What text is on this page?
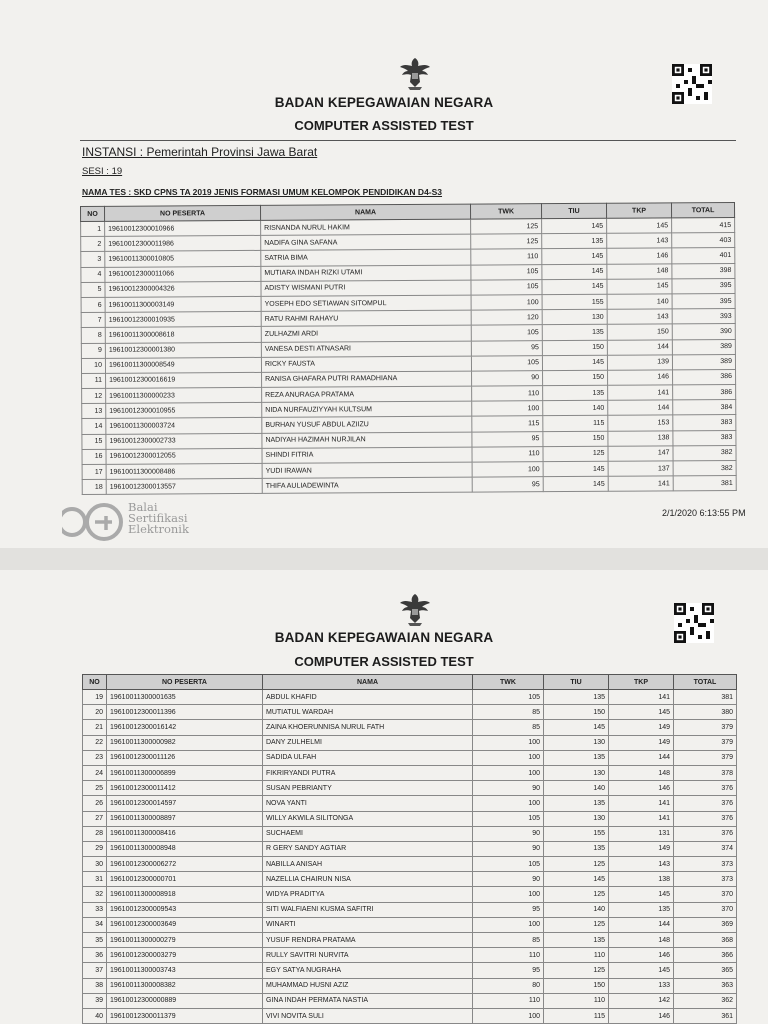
BADAN KEPEGAWAIAN NEGARA
COMPUTER ASSISTED TEST
INSTANSI : Pemerintah Provinsi Jawa Barat
SESI : 19
NAMA TES : SKD CPNS TA 2019 JENIS FORMASI UMUM KELOMPOK PENDIDIKAN D4-S3
NO	NO PESERTA	NAMA	TWK	TIU	TKP	TOTAL
1	19610012300010966	RISNANDA NURUL HAKIM	125	145	145	415
2	19610012300011986	NADIFA GINA SAFANA	125	135	143	403
3	19610011300010805	SATRIA BIMA	110	145	146	401
4	19610012300011066	MUTIARA INDAH RIZKI UTAMI	105	145	148	398
5	19610012300004326	ADISTY WISMANI PUTRI	105	145	145	395
6	19610011300003149	YOSEPH EDO SETIAWAN SITOMPUL	100	155	140	395
7	19610012300010935	RATU RAHMI RAHAYU	120	130	143	393
8	19610011300008618	ZULHAZMI ARDI	105	135	150	390
9	19610012300001380	VANESA DESTI ATNASARI	95	150	144	389
10	19610011300008549	RICKY FAUSTA	105	145	139	389
11	19610012300016619	RANISA GHAFARA PUTRI RAMADHIANA	90	150	146	386
12	19610011300000233	REZA ANURAGA PRATAMA	110	135	141	386
13	19610012300010955	NIDA NURFAUZIYYAH KULTSUM	100	140	144	384
14	19610011300003724	BURHAN YUSUF ABDUL AZIIZU	115	115	153	383
15	19610012300002733	NADIYAH HAZIMAH NURJILAN	95	150	138	383
16	19610012300012055	SHINDI FITRIA	110	125	147	382
17	19610011300008486	YUDI IRAWAN	100	145	137	382
18	19610012300013557	THIFA AULIADEWINTA	95	145	141	381
Balai
Sertifikasi
Elektronik
2/1/2020 6:13:55 PM
BADAN KEPEGAWAIAN NEGARA
COMPUTER ASSISTED TEST
NO	NO PESERTA	NAMA	TWK	TIU	TKP	TOTAL
19	19610011300001635	ABDUL KHAFID	105	135	141	381
20	19610012300011396	MUTIATUL WARDAH	85	150	145	380
21	19610012300016142	ZAINA KHOERUNNISA NURUL FATH	85	145	149	379
22	19610011300000982	DANY ZULHELMI	100	130	149	379
23	19610012300011126	SADIDA ULFAH	100	135	144	379
24	19610011300006899	FIKRIRYANDI PUTRA	100	130	148	378
25	19610012300011412	SUSAN PEBRIANTY	90	140	146	376
26	19610012300014597	NOVA YANTI	100	135	141	376
27	19610011300008897	WILLY AKWILA SILITONGA	105	130	141	376
28	19610011300008416	SUCHAEMI	90	155	131	376
29	19610011300008948	R GERY SANDY AGTIAR	90	135	149	374
30	19610012300006272	NABILLA ANISAH	105	125	143	373
31	19610012300000701	NAZELLIA CHAIRUN NISA	90	145	138	373
32	19610011300008918	WIDYA PRADITYA	100	125	145	370
33	19610012300009543	SITI WALFIAENI KUSMA SAFITRI	95	140	135	370
34	19610012300003649	WINARTI	100	125	144	369
35	19610011300000279	YUSUF RENDRA PRATAMA	85	135	148	368
36	19610012300003279	RULLY SAVITRI NURVITA	110	110	146	366
37	19610011300003743	EGY SATYA NUGRAHA	95	125	145	365
38	19610011300008382	MUHAMMAD HUSNI AZIZ	80	150	133	363
39	19610012300000889	GINA INDAH PERMATA NASTIA	110	110	142	362
40	19610012300011379	VIVI NOVITA SULI	100	115	146	361
